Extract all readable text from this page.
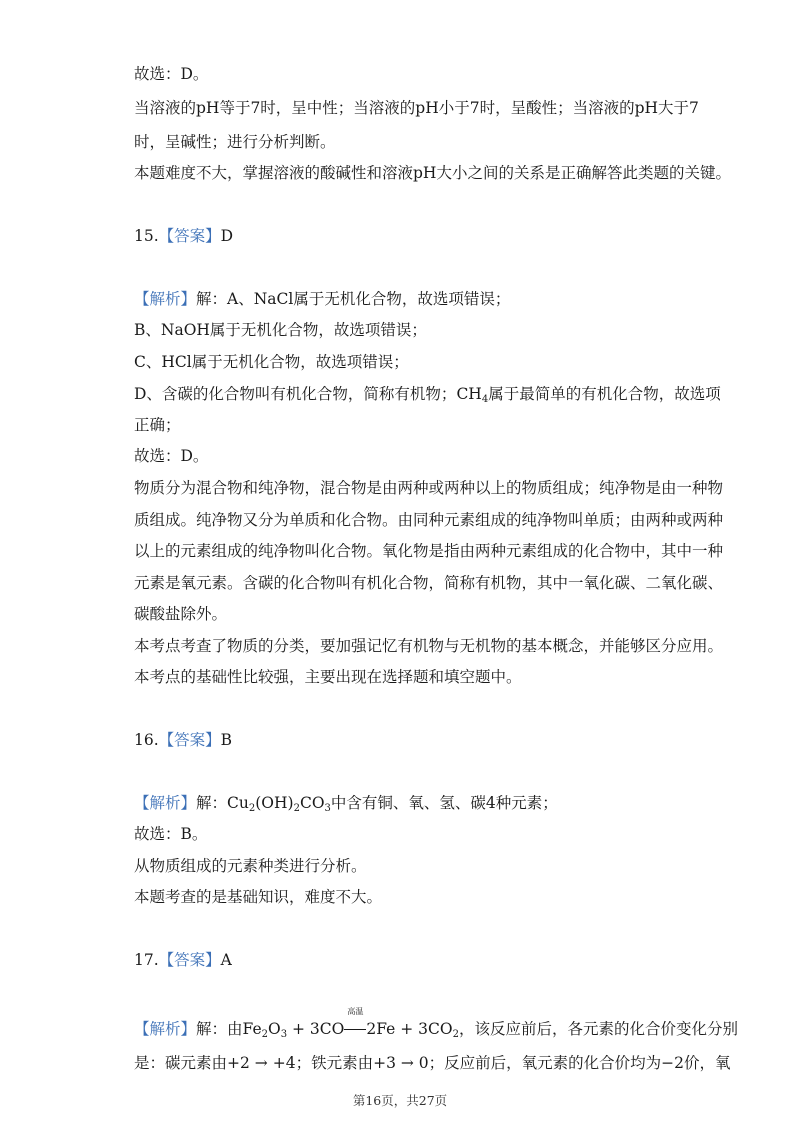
故选：D。
当溶液的pH等于7时，呈中性；当溶液的pH小于7时，呈酸性；当溶液的pH大于7
时，呈碱性；进行分析判断。
本题难度不大，掌握溶液的酸碱性和溶液pH大小之间的关系是正确解答此类题的关键。
15.【答案】D
【解析】解：A、NaCl属于无机化合物，故选项错误；
B、NaOH属于无机化合物，故选项错误；
C、HCl属于无机化合物，故选项错误；
D、含碳的化合物叫有机化合物，简称有机物；$CH_4$属于最简单的有机化合物，故选项
正确；
故选：D。
物质分为混合物和纯净物，混合物是由两种或两种以上的物质组成；纯净物是由一种物
质组成。纯净物又分为单质和化合物。由同种元素组成的纯净物叫单质；由两种或两种
以上的元素组成的纯净物叫化合物。氧化物是指由两种元素组成的化合物中，其中一种
元素是氧元素。含碳的化合物叫有机化合物，简称有机物，其中一氧化碳、二氧化碳、
碳酸盐除外。
本考点考查了物质的分类，要加强记忆有机物与无机物的基本概念，并能够区分应用。
本考点的基础性比较强，主要出现在选择题和填空题中。
16.【答案】B
【解析】解：$Cu_2(OH)_2CO_3$中含有铜、氧、氢、碳4种元素；
故选：B。
从物质组成的元素种类进行分析。
本题考查的是基础知识，难度不大。
17.【答案】A
【解析】解：由$Fe_2O_3 + 3CO$
高温
$2Fe + 3CO_2$，该反应前后，各元素的化合价变化分别
是：碳元素由+2 → +4；铁元素由+3 → 0；反应前后，氧元素的化合价均为−2价，氧
第16页，共27页
